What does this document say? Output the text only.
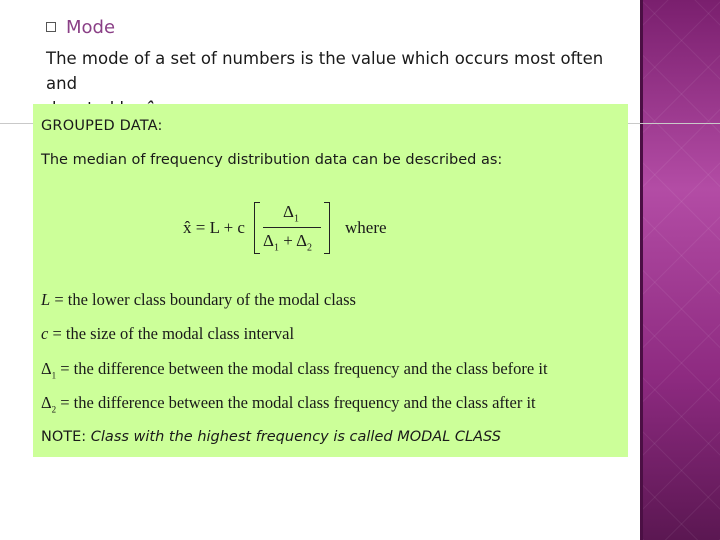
Mode
The mode of a set of numbers is the value which occurs most often and
GROUPED DATA:
The median of frequency distribution data can be described as:
x̂ = L + c
$\Delta_1$
$\Delta_1 + \Delta_2$
where
L = the lower class boundary of the modal class
c = the size of the modal class interval
$\Delta_1$ = the difference between the modal class frequency and the class before it
$\Delta_2$ = the difference between the modal class frequency and the class after it
NOTE: Class with the highest frequency is called MODAL CLASS
